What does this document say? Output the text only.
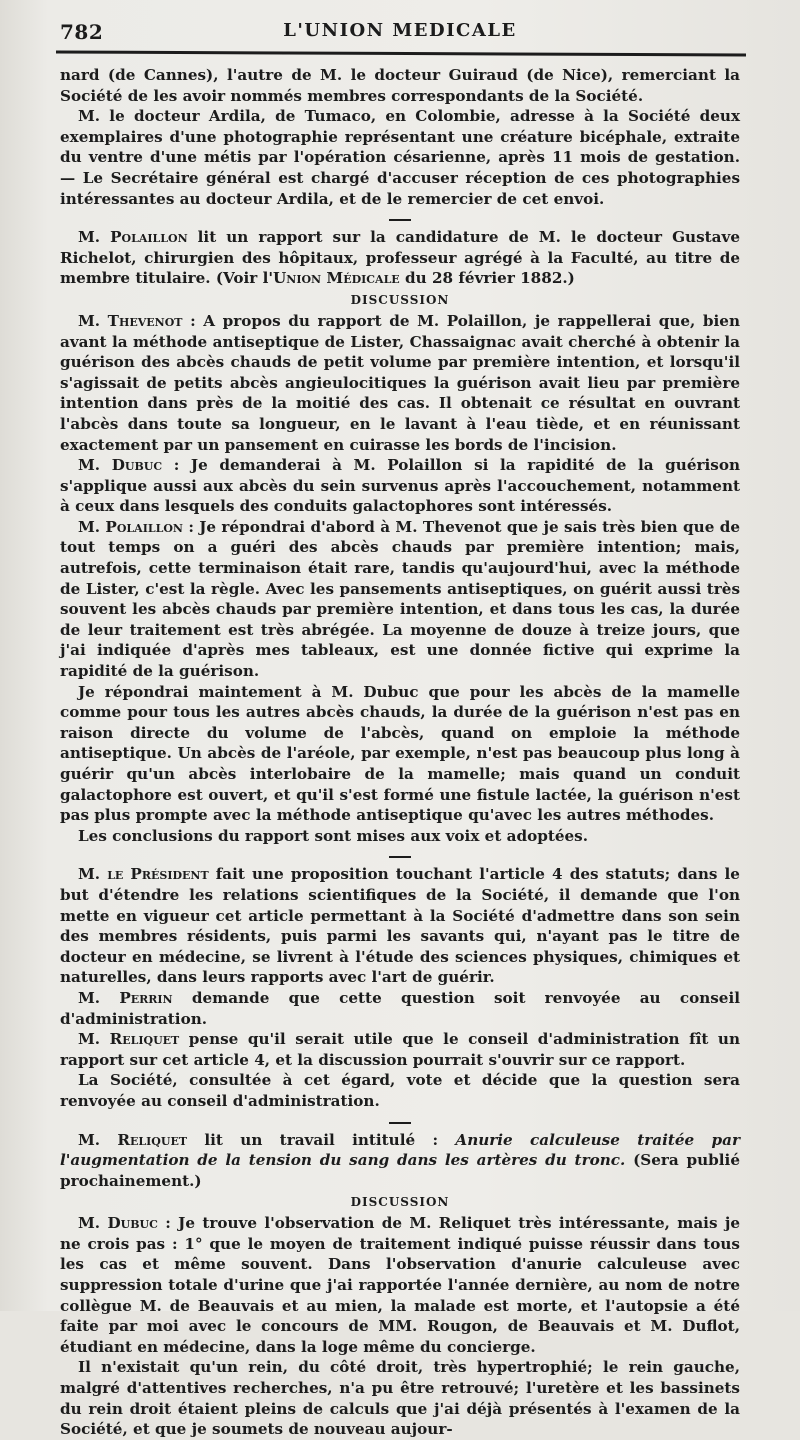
782	L'UNION MEDICALE

nard (de Cannes), l'autre de M. le docteur Guiraud (de Nice), remerciant la Société de les avoir nommés membres correspondants de la Société.

M. le docteur Ardila, de Tumaco, en Colombie, adresse à la Société deux exemplaires d'une photographie représentant une créature bicéphale, extraite du ventre d'une métis par l'opération césarienne, après 11 mois de gestation. — Le Secrétaire général est chargé d'accuser réception de ces photographies intéressantes au docteur Ardila, et de le remercier de cet envoi.

M. Polaillon lit un rapport sur la candidature de M. le docteur Gustave Richelot, chirurgien des hôpitaux, professeur agrégé à la Faculté, au titre de membre titulaire. (Voir l'Union Médicale du 28 février 1882.)

DISCUSSION

M. Thevenot : A propos du rapport de M. Polaillon, je rappellerai que, bien avant la méthode antiseptique de Lister, Chassaignac avait cherché à obtenir la guérison des abcès chauds de petit volume par première intention, et lorsqu'il s'agissait de petits abcès angieulocitiques la guérison avait lieu par première intention dans près de la moitié des cas. Il obtenait ce résultat en ouvrant l'abcès dans toute sa longueur, en le lavant à l'eau tiède, et en réunissant exactement par un pansement en cuirasse les bords de l'incision.

M. Dubuc : Je demanderai à M. Polaillon si la rapidité de la guérison s'applique aussi aux abcès du sein survenus après l'accouchement, notamment à ceux dans lesquels des conduits galactophores sont intéressés.

M. Polaillon : Je répondrai d'abord à M. Thevenot que je sais très bien que de tout temps on a guéri des abcès chauds par première intention; mais, autrefois, cette terminaison était rare, tandis qu'aujourd'hui, avec la méthode de Lister, c'est la règle. Avec les pansements antiseptiques, on guérit aussi très souvent les abcès chauds par première intention, et dans tous les cas, la durée de leur traitement est très abrégée. La moyenne de douze à treize jours, que j'ai indiquée d'après mes tableaux, est une donnée fictive qui exprime la rapidité de la guérison.

Je répondrai maintement à M. Dubuc que pour les abcès de la mamelle comme pour tous les autres abcès chauds, la durée de la guérison n'est pas en raison directe du volume de l'abcès, quand on emploie la méthode antiseptique. Un abcès de l'aréole, par exemple, n'est pas beaucoup plus long à guérir qu'un abcès interlobaire de la mamelle; mais quand un conduit galactophore est ouvert, et qu'il s'est formé une fistule lactée, la guérison n'est pas plus prompte avec la méthode antiseptique qu'avec les autres méthodes.

Les conclusions du rapport sont mises aux voix et adoptées.

M. le Président fait une proposition touchant l'article 4 des statuts; dans le but d'étendre les relations scientifiques de la Société, il demande que l'on mette en vigueur cet article permettant à la Société d'admettre dans son sein des membres résidents, puis parmi les savants qui, n'ayant pas le titre de docteur en médecine, se livrent à l'étude des sciences physiques, chimiques et naturelles, dans leurs rapports avec l'art de guérir.

M. Perrin demande que cette question soit renvoyée au conseil d'administration.

M. Reliquet pense qu'il serait utile que le conseil d'administration fît un rapport sur cet article 4, et la discussion pourrait s'ouvrir sur ce rapport.

La Société, consultée à cet égard, vote et décide que la question sera renvoyée au conseil d'administration.

M. Reliquet lit un travail intitulé : Anurie calculeuse traitée par l'augmentation de la tension du sang dans les artères du tronc. (Sera publié prochainement.)

DISCUSSION

M. Dubuc : Je trouve l'observation de M. Reliquet très intéressante, mais je ne crois pas : 1° que le moyen de traitement indiqué puisse réussir dans tous les cas et même souvent. Dans l'observation d'anurie calculeuse avec suppression totale d'urine que j'ai rapportée l'année dernière, au nom de notre collègue M. de Beauvais et au mien, la malade est morte, et l'autopsie a été faite par moi avec le concours de MM. Rougon, de Beauvais et M. Duflot, étudiant en médecine, dans la loge même du concierge.

Il n'existait qu'un rein, du côté droit, très hypertrophié; le rein gauche, malgré d'attentives recherches, n'a pu être retrouvé; l'uretère et les bassinets du rein droit étaient pleins de calculs que j'ai déjà présentés à l'examen de la Société, et que je soumets de nouveau aujour-
